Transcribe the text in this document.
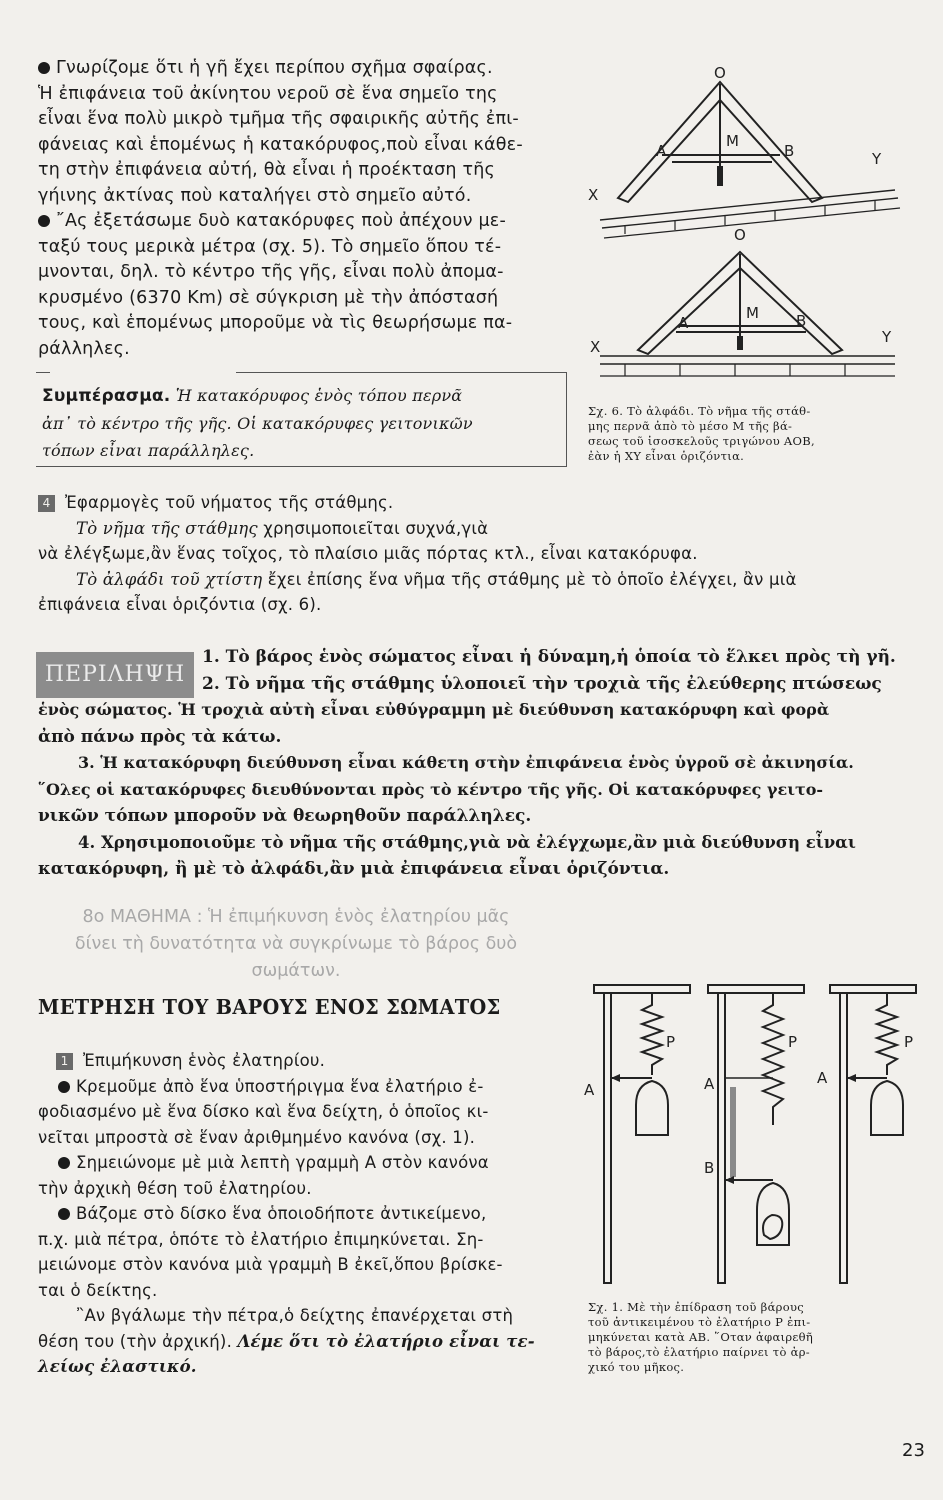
Γνωρίζομε ὅτι ἡ γῆ ἔχει περίπου σχῆμα σφαίρας.
Ἡ ἐπιφάνεια τοῦ ἀκίνητου νεροῦ σὲ ἕνα σημεῖο της
εἶναι ἕνα πολὺ μικρὸ τμῆμα τῆς σφαιρικῆς αὐτῆς ἐπι-
φάνειας καὶ ἑπομένως ἡ κατακόρυφος,ποὺ εἶναι κάθε-
τη στὴν ἐπιφάνεια αὐτή, θὰ εἶναι ἡ προέκταση τῆς
γήινης ἀκτίνας ποὺ καταλήγει στὸ σημεῖο αὐτό.
῎Ας ἐξετάσωμε δυὸ κατακόρυφες ποὺ ἀπέχουν με-
ταξύ τους μερικὰ μέτρα (σχ. 5). Τὸ σημεῖο ὅπου τέ-
μνονται, δηλ. τὸ κέντρο τῆς γῆς, εἶναι πολὺ ἀπομα-
κρυσμένο (6370 Km) σὲ σύγκριση μὲ τὴν ἀπόστασή
τους, καὶ ἑπομένως μποροῦμε νὰ τὶς θεωρήσωμε πα-
ράλληλες.
Συμπέρασμα. Ἡ κατακόρυφος ἑνὸς τόπου περνᾶ
ἀπ᾽ τὸ κέντρο τῆς γῆς. Οἱ κατακόρυφες γειτονικῶν
τόπων εἶναι παράλληλες.
O
A
M
B
X
Y
O
A
M B
X
Y
Σχ. 6. Τὸ ἀλφάδι. Τὸ νῆμα τῆς στάθ-
μης περνᾶ ἀπὸ τὸ μέσο Μ τῆς βά-
σεως τοῦ ἰσοσκελοῦς τριγώνου ΑΟΒ,
ἐὰν ἡ ΧΥ εἶναι ὁριζόντια.
4 Ἐφαρμογὲς τοῦ νήματος τῆς στάθμης.
Τὸ νῆμα τῆς στάθμης χρησιμοποιεῖται συχνά,γιὰ
νὰ ἐλέγξωμε,ἂν ἕνας τοῖχος, τὸ πλαίσιο μιᾶς πόρτας κτλ., εἶναι κατακόρυφα.
Τὸ ἀλφάδι τοῦ χτίστη ἔχει ἐπίσης ἕνα νῆμα τῆς στάθμης μὲ τὸ ὁποῖο ἐλέγχει, ἂν μιὰ
ἐπιφάνεια εἶναι ὁριζόντια (σχ. 6).
ΠΕΡΙΛΗΨΗ
1. Τὸ βάρος ἑνὸς σώματος εἶναι ἡ δύναμη,ἡ ὁποία τὸ ἕλκει πρὸς τὴ γῆ.
2. Τὸ νῆμα τῆς στάθμης ὑλοποιεῖ τὴν τροχιὰ τῆς ἐλεύθερης πτώσεως
ἑνὸς σώματος. Ἡ τροχιὰ αὐτὴ εἶναι εὐθύγραμμη μὲ διεύθυνση κατακόρυφη καὶ φορὰ
ἀπὸ πάνω πρὸς τὰ κάτω.
3. Ἡ κατακόρυφη διεύθυνση εἶναι κάθετη στὴν ἐπιφάνεια ἑνὸς ὑγροῦ σὲ ἀκινησία.
῞Ολες οἱ κατακόρυφες διευθύνονται πρὸς τὸ κέντρο τῆς γῆς. Οἱ κατακόρυφες γειτο-
νικῶν τόπων μποροῦν νὰ θεωρηθοῦν παράλληλες.
4. Χρησιμοποιοῦμε τὸ νῆμα τῆς στάθμης,γιὰ νὰ ἐλέγχωμε,ἂν μιὰ διεύθυνση εἶναι
κατακόρυφη, ἢ μὲ τὸ ἀλφάδι,ἂν μιὰ ἐπιφάνεια εἶναι ὁριζόντια.
8ο ΜΑΘΗΜΑ : Ἡ ἐπιμήκυνση ἑνὸς ἐλατηρίου μᾶς
δίνει τὴ δυνατότητα νὰ συγκρίνωμε τὸ βάρος δυὸ
σωμάτων.
ΜΕΤΡΗΣΗ ΤΟΥ ΒΑΡΟΥΣ ΕΝΟΣ ΣΩΜΑΤΟΣ
1 Ἐπιμήκυνση ἑνὸς ἐλατηρίου.
Κρεμοῦμε ἀπὸ ἕνα ὑποστήριγμα ἕνα ἐλατήριο ἐ-
φοδιασμένο μὲ ἕνα δίσκο καὶ ἕνα δείχτη, ὁ ὁποῖος κι-
νεῖται μπροστὰ σὲ ἕναν ἀριθμημένο κανόνα (σχ. 1).
Σημειώνομε μὲ μιὰ λεπτὴ γραμμὴ Α στὸν κανόνα
τὴν ἀρχικὴ θέση τοῦ ἐλατηρίου.
Βάζομε στὸ δίσκο ἕνα ὁποιοδήποτε ἀντικείμενο,
π.χ. μιὰ πέτρα, ὁπότε τὸ ἐλατήριο ἐπιμηκύνεται. Ση-
μειώνομε στὸν κανόνα μιὰ γραμμὴ Β ἐκεῖ,ὅπου βρίσκε-
ται ὁ δείκτης.
῍Αν βγάλωμε τὴν πέτρα,ὁ δείχτης ἐπανέρχεται στὴ
θέση του (τὴν ἀρχική). Λέμε ὅτι τὸ ἐλατήριο εἶναι τε-
λείως ἐλαστικό.
P	P	P
A	A	A
B
Σχ. 1. Μὲ τὴν ἐπίδραση τοῦ βάρους
τοῦ ἀντικειμένου τὸ ἐλατήριο P ἐπι-
μηκύνεται κατὰ ΑΒ. ῞Οταν ἀφαιρεθῆ
τὸ βάρος,τὸ ἐλατήριο παίρνει τὸ ἀρ-
χικό του μῆκος.
23
